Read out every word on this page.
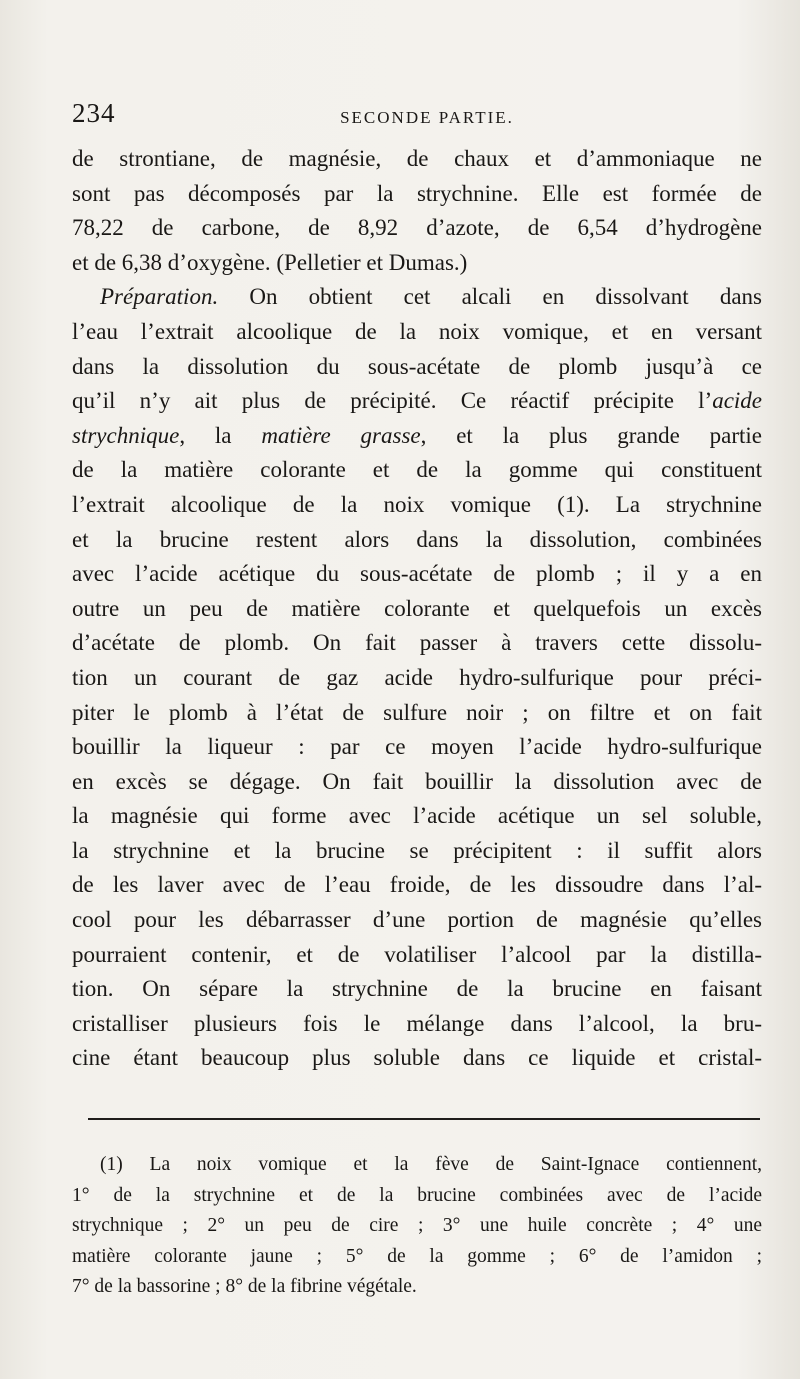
234	SECONDE PARTIE.
de strontiane, de magnésie, de chaux et d’ammoniaque ne
sont pas décomposés par la strychnine. Elle est formée de
78,22 de carbone, de 8,92 d’azote, de 6,54 d’hydrogène
et de 6,38 d’oxygène. (Pelletier et Dumas.)
Préparation. On obtient cet alcali en dissolvant dans
l’eau l’extrait alcoolique de la noix vomique, et en versant
dans la dissolution du sous-acétate de plomb jusqu’à ce
qu’il n’y ait plus de précipité. Ce réactif précipite l’acide
strychnique, la matière grasse, et la plus grande partie
de la matière colorante et de la gomme qui constituent
l’extrait alcoolique de la noix vomique (1). La strychnine
et la brucine restent alors dans la dissolution, combinées
avec l’acide acétique du sous-acétate de plomb ; il y a en
outre un peu de matière colorante et quelquefois un excès
d’acétate de plomb. On fait passer à travers cette dissolu-
tion un courant de gaz acide hydro-sulfurique pour préci-
piter le plomb à l’état de sulfure noir ; on filtre et on fait
bouillir la liqueur : par ce moyen l’acide hydro-sulfurique
en excès se dégage. On fait bouillir la dissolution avec de
la magnésie qui forme avec l’acide acétique un sel soluble,
la strychnine et la brucine se précipitent : il suffit alors
de les laver avec de l’eau froide, de les dissoudre dans l’al-
cool pour les débarrasser d’une portion de magnésie qu’elles
pourraient contenir, et de volatiliser l’alcool par la distilla-
tion. On sépare la strychnine de la brucine en faisant
cristalliser plusieurs fois le mélange dans l’alcool, la bru-
cine étant beaucoup plus soluble dans ce liquide et cristal-
(1) La noix vomique et la fève de Saint-Ignace contiennent,
1° de la strychnine et de la brucine combinées avec de l’acide
strychnique ; 2° un peu de cire ; 3° une huile concrète ; 4° une
matière colorante jaune ; 5° de la gomme ; 6° de l’amidon ;
7° de la bassorine ; 8° de la fibrine végétale.
